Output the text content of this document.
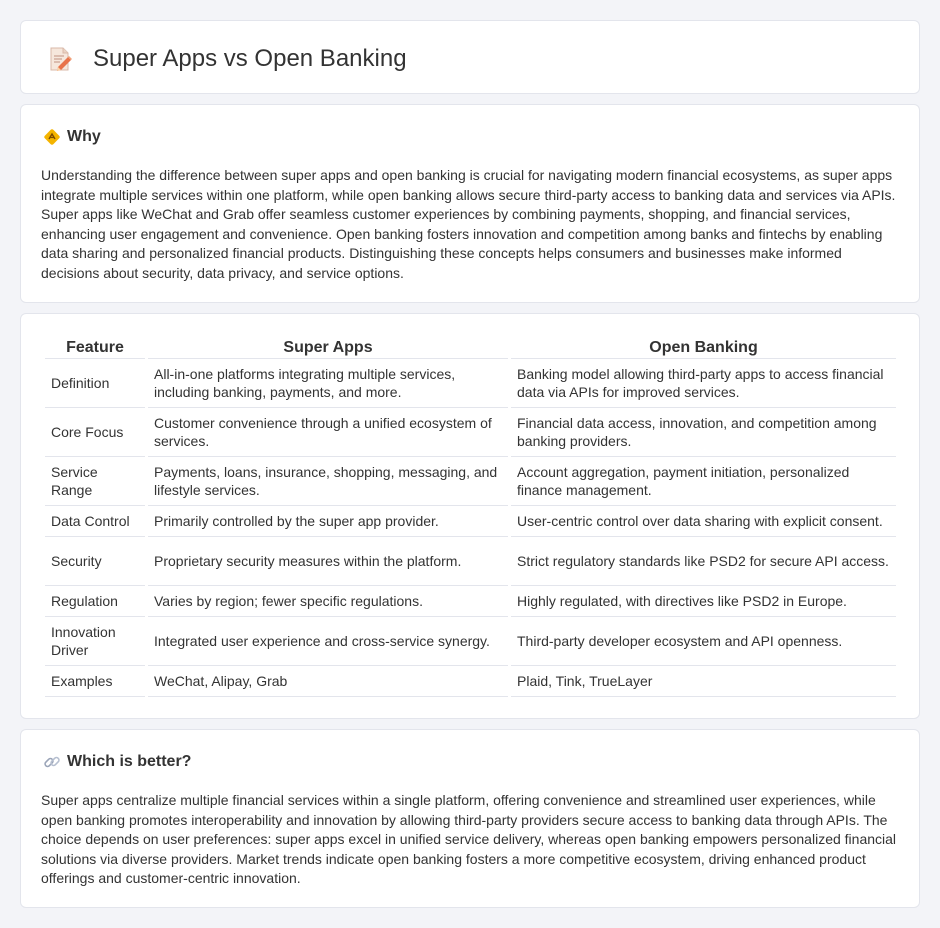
Super Apps vs Open Banking
Why

Understanding the difference between super apps and open banking is crucial for navigating modern financial ecosystems, as super apps integrate multiple services within one platform, while open banking allows secure third-party access to banking data and services via APIs. Super apps like WeChat and Grab offer seamless customer experiences by combining payments, shopping, and financial services, enhancing user engagement and convenience. Open banking fosters innovation and competition among banks and fintechs by enabling data sharing and personalized financial products. Distinguishing these concepts helps consumers and businesses make informed decisions about security, data privacy, and service options.

Feature	Super Apps	Open Banking
Definition	All-in-one platforms integrating multiple services, including banking, payments, and more.	Banking model allowing third-party apps to access financial data via APIs for improved services.
Core Focus	Customer convenience through a unified ecosystem of services.	Financial data access, innovation, and competition among banking providers.
Service Range	Payments, loans, insurance, shopping, messaging, and lifestyle services.	Account aggregation, payment initiation, personalized finance management.
Data Control	Primarily controlled by the super app provider.	User-centric control over data sharing with explicit consent.
Security	Proprietary security measures within the platform.	Strict regulatory standards like PSD2 for secure API access.
Regulation	Varies by region; fewer specific regulations.	Highly regulated, with directives like PSD2 in Europe.
Innovation Driver	Integrated user experience and cross-service synergy.	Third-party developer ecosystem and API openness.
Examples	WeChat, Alipay, Grab	Plaid, Tink, TrueLayer
Which is better?

Super apps centralize multiple financial services within a single platform, offering convenience and streamlined user experiences, while open banking promotes interoperability and innovation by allowing third-party providers secure access to banking data through APIs. The choice depends on user preferences: super apps excel in unified service delivery, whereas open banking empowers personalized financial solutions via diverse providers. Market trends indicate open banking fosters a more competitive ecosystem, driving enhanced product offerings and customer-centric innovation.
